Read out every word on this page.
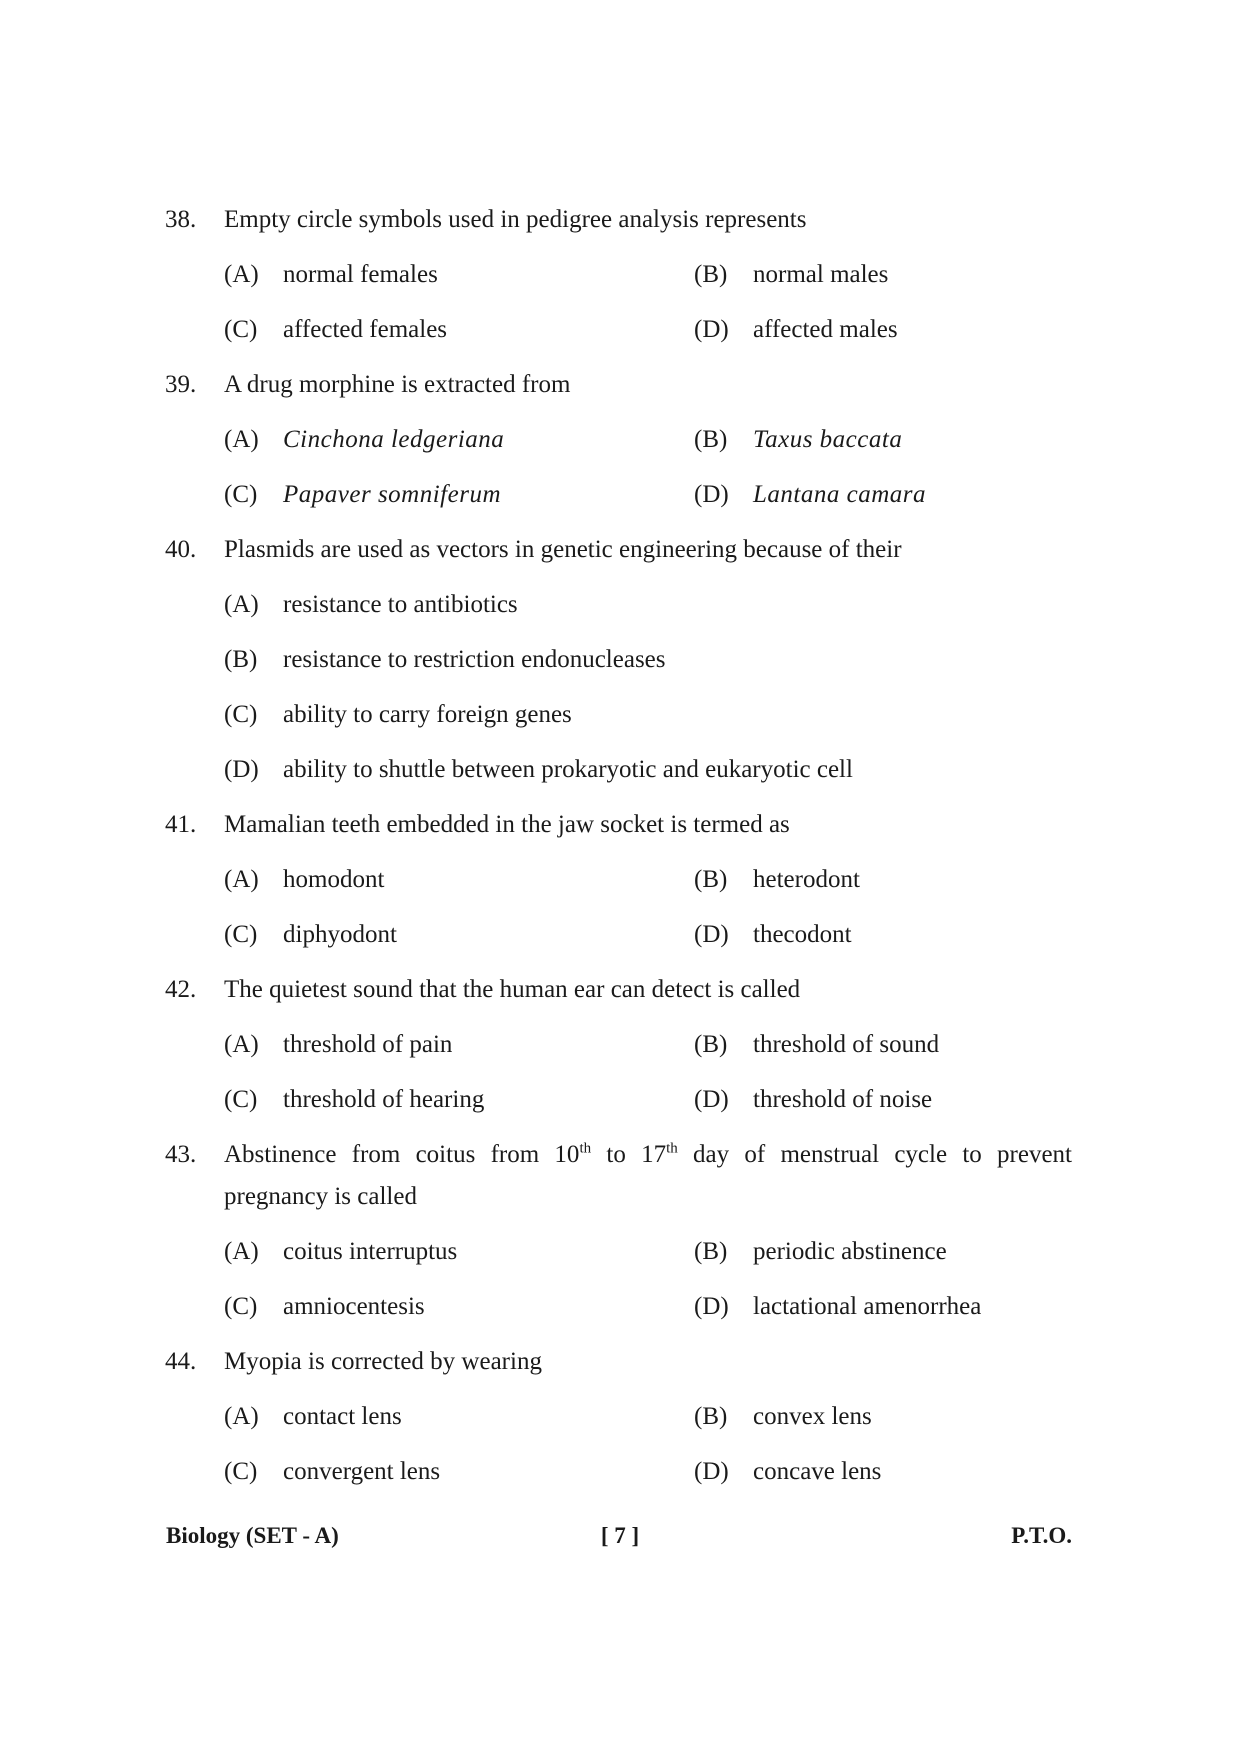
38. Empty circle symbols used in pedigree analysis represents
(A) normal females	(B) normal males
(C) affected females	(D) affected males
39. A drug morphine is extracted from
(A) Cinchona ledgeriana	(B) Taxus baccata
(C) Papaver somniferum	(D) Lantana camara
40. Plasmids are used as vectors in genetic engineering because of their
(A) resistance to antibiotics
(B) resistance to restriction endonucleases
(C) ability to carry foreign genes
(D) ability to shuttle between prokaryotic and eukaryotic cell
41. Mamalian teeth embedded in the jaw socket is termed as
(A) homodont	(B) heterodont
(C) diphyodont	(D) thecodont
42. The quietest sound that the human ear can detect is called
(A) threshold of pain	(B) threshold of sound
(C) threshold of hearing	(D) threshold of noise
43. Abstinence from coitus from 10th to 17th day of menstrual cycle to prevent pregnancy is called
(A) coitus interruptus	(B) periodic abstinence
(C) amniocentesis	(D) lactational amenorrhea
44. Myopia is corrected by wearing
(A) contact lens	(B) convex lens
(C) convergent lens	(D) concave lens
Biology (SET - A)	[ 7 ]	P.T.O.
